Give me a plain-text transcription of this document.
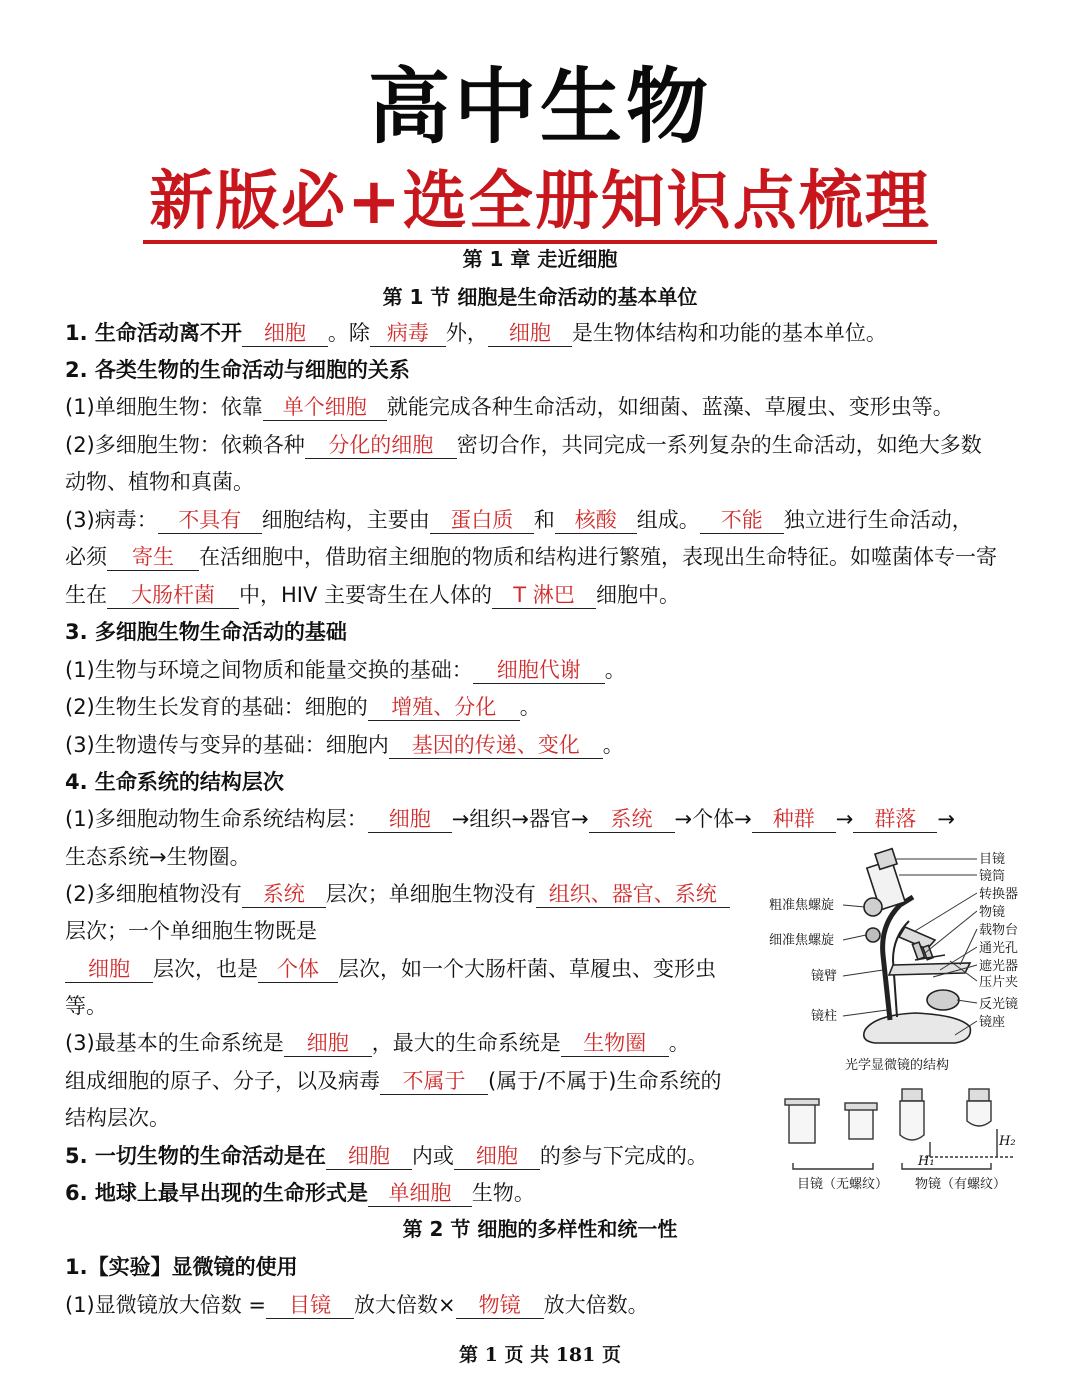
高中生物
新版必+选全册知识点梳理
第 1 章 走近细胞
第 1 节 细胞是生命活动的基本单位
1. 生命活动离不开 细胞 。除 病毒 外， 细胞 是生物体结构和功能的基本单位。
2. 各类生物的生命活动与细胞的关系
(1)单细胞生物：依靠 单个细胞 就能完成各种生命活动，如细菌、蓝藻、草履虫、变形虫等。
(2)多细胞生物：依赖各种 分化的细胞 密切合作，共同完成一系列复杂的生命活动，如绝大多数
动物、植物和真菌。
(3)病毒： 不具有 细胞结构，主要由 蛋白质 和 核酸 组成。 不能 独立进行生命活动，
必须 寄生 在活细胞中，借助宿主细胞的物质和结构进行繁殖，表现出生命特征。如噬菌体专一寄
生在 大肠杆菌 中，HIV 主要寄生在人体的 T 淋巴 细胞中。
3. 多细胞生物生命活动的基础
(1)生物与环境之间物质和能量交换的基础： 细胞代谢 。
(2)生物生长发育的基础：细胞的 增殖、分化 。
(3)生物遗传与变异的基础：细胞内 基因的传递、变化 。
4. 生命系统的结构层次
(1)多细胞动物生命系统结构层： 细胞 →组织→器官→ 系统 →个体→ 种群 → 群落 →
生态系统→生物圈。
(2)多细胞植物没有 系统 层次；单细胞生物没有 组织、器官、系统
层次；一个单细胞生物既是
细胞 层次，也是 个体 层次，如一个大肠杆菌、草履虫、变形虫
等。
(3)最基本的生命系统是 细胞 ，最大的生命系统是 生物圈 。
组成细胞的原子、分子，以及病毒 不属于 (属于/不属于)生命系统的
结构层次。
5. 一切生物的生命活动是在 细胞 内或 细胞 的参与下完成的。
6. 地球上最早出现的生命形式是 单细胞 生物。
第 2 节 细胞的多样性和统一性
1.【实验】显微镜的使用
(1)显微镜放大倍数 = 目镜 放大倍数× 物镜 放大倍数。
目镜
镜筒
转换器
物镜
载物台
通光孔
遮光器
压片夹
反光镜
镜座
粗准焦螺旋
细准焦螺旋
镜臂
镜柱
光学显微镜的结构
H₁
H₂
目镜（无螺纹） 物镜（有螺纹）
第 1 页 共 181 页
